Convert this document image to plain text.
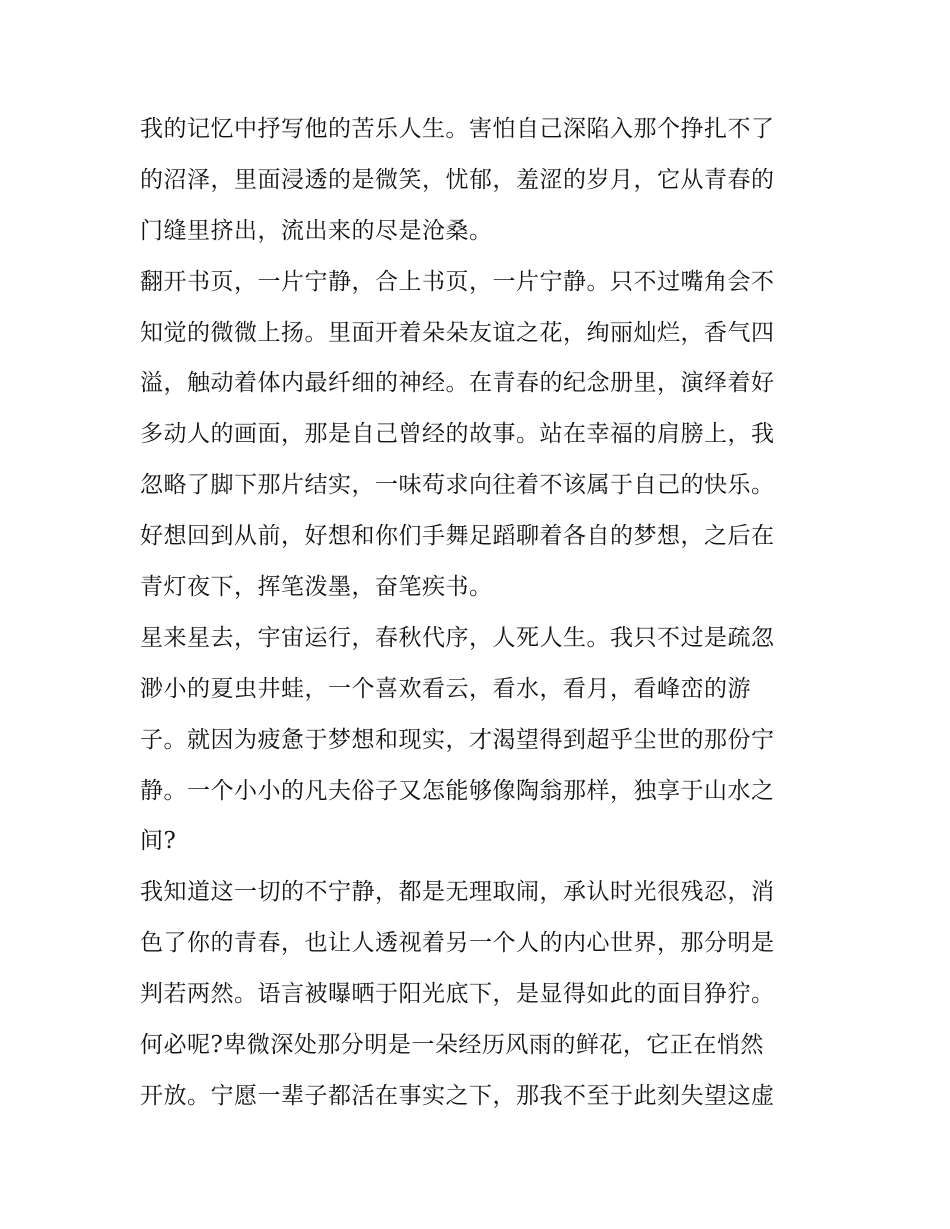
我的记忆中抒写他的苦乐人生。害怕自己深陷入那个挣扎不了
的沼泽，里面浸透的是微笑，忧郁，羞涩的岁月，它从青春的
门缝里挤出，流出来的尽是沧桑。
翻开书页，一片宁静，合上书页，一片宁静。只不过嘴角会不
知觉的微微上扬。里面开着朵朵友谊之花，绚丽灿烂，香气四
溢，触动着体内最纤细的神经。在青春的纪念册里，演绎着好
多动人的画面，那是自己曾经的故事。站在幸福的肩膀上，我
忽略了脚下那片结实，一味苟求向往着不该属于自己的快乐。
好想回到从前，好想和你们手舞足蹈聊着各自的梦想，之后在
青灯夜下，挥笔泼墨，奋笔疾书。
星来星去，宇宙运行，春秋代序，人死人生。我只不过是疏忽
渺小的夏虫井蛙，一个喜欢看云，看水，看月，看峰峦的游
子。就因为疲惫于梦想和现实，才渴望得到超乎尘世的那份宁
静。一个小小的凡夫俗子又怎能够像陶翁那样，独享于山水之
间?
我知道这一切的不宁静，都是无理取闹，承认时光很残忍，消
色了你的青春，也让人透视着另一个人的内心世界，那分明是
判若两然。语言被曝晒于阳光底下，是显得如此的面目狰狞。
何必呢?卑微深处那分明是一朵经历风雨的鲜花，它正在悄然
开放。宁愿一辈子都活在事实之下，那我不至于此刻失望这虚
